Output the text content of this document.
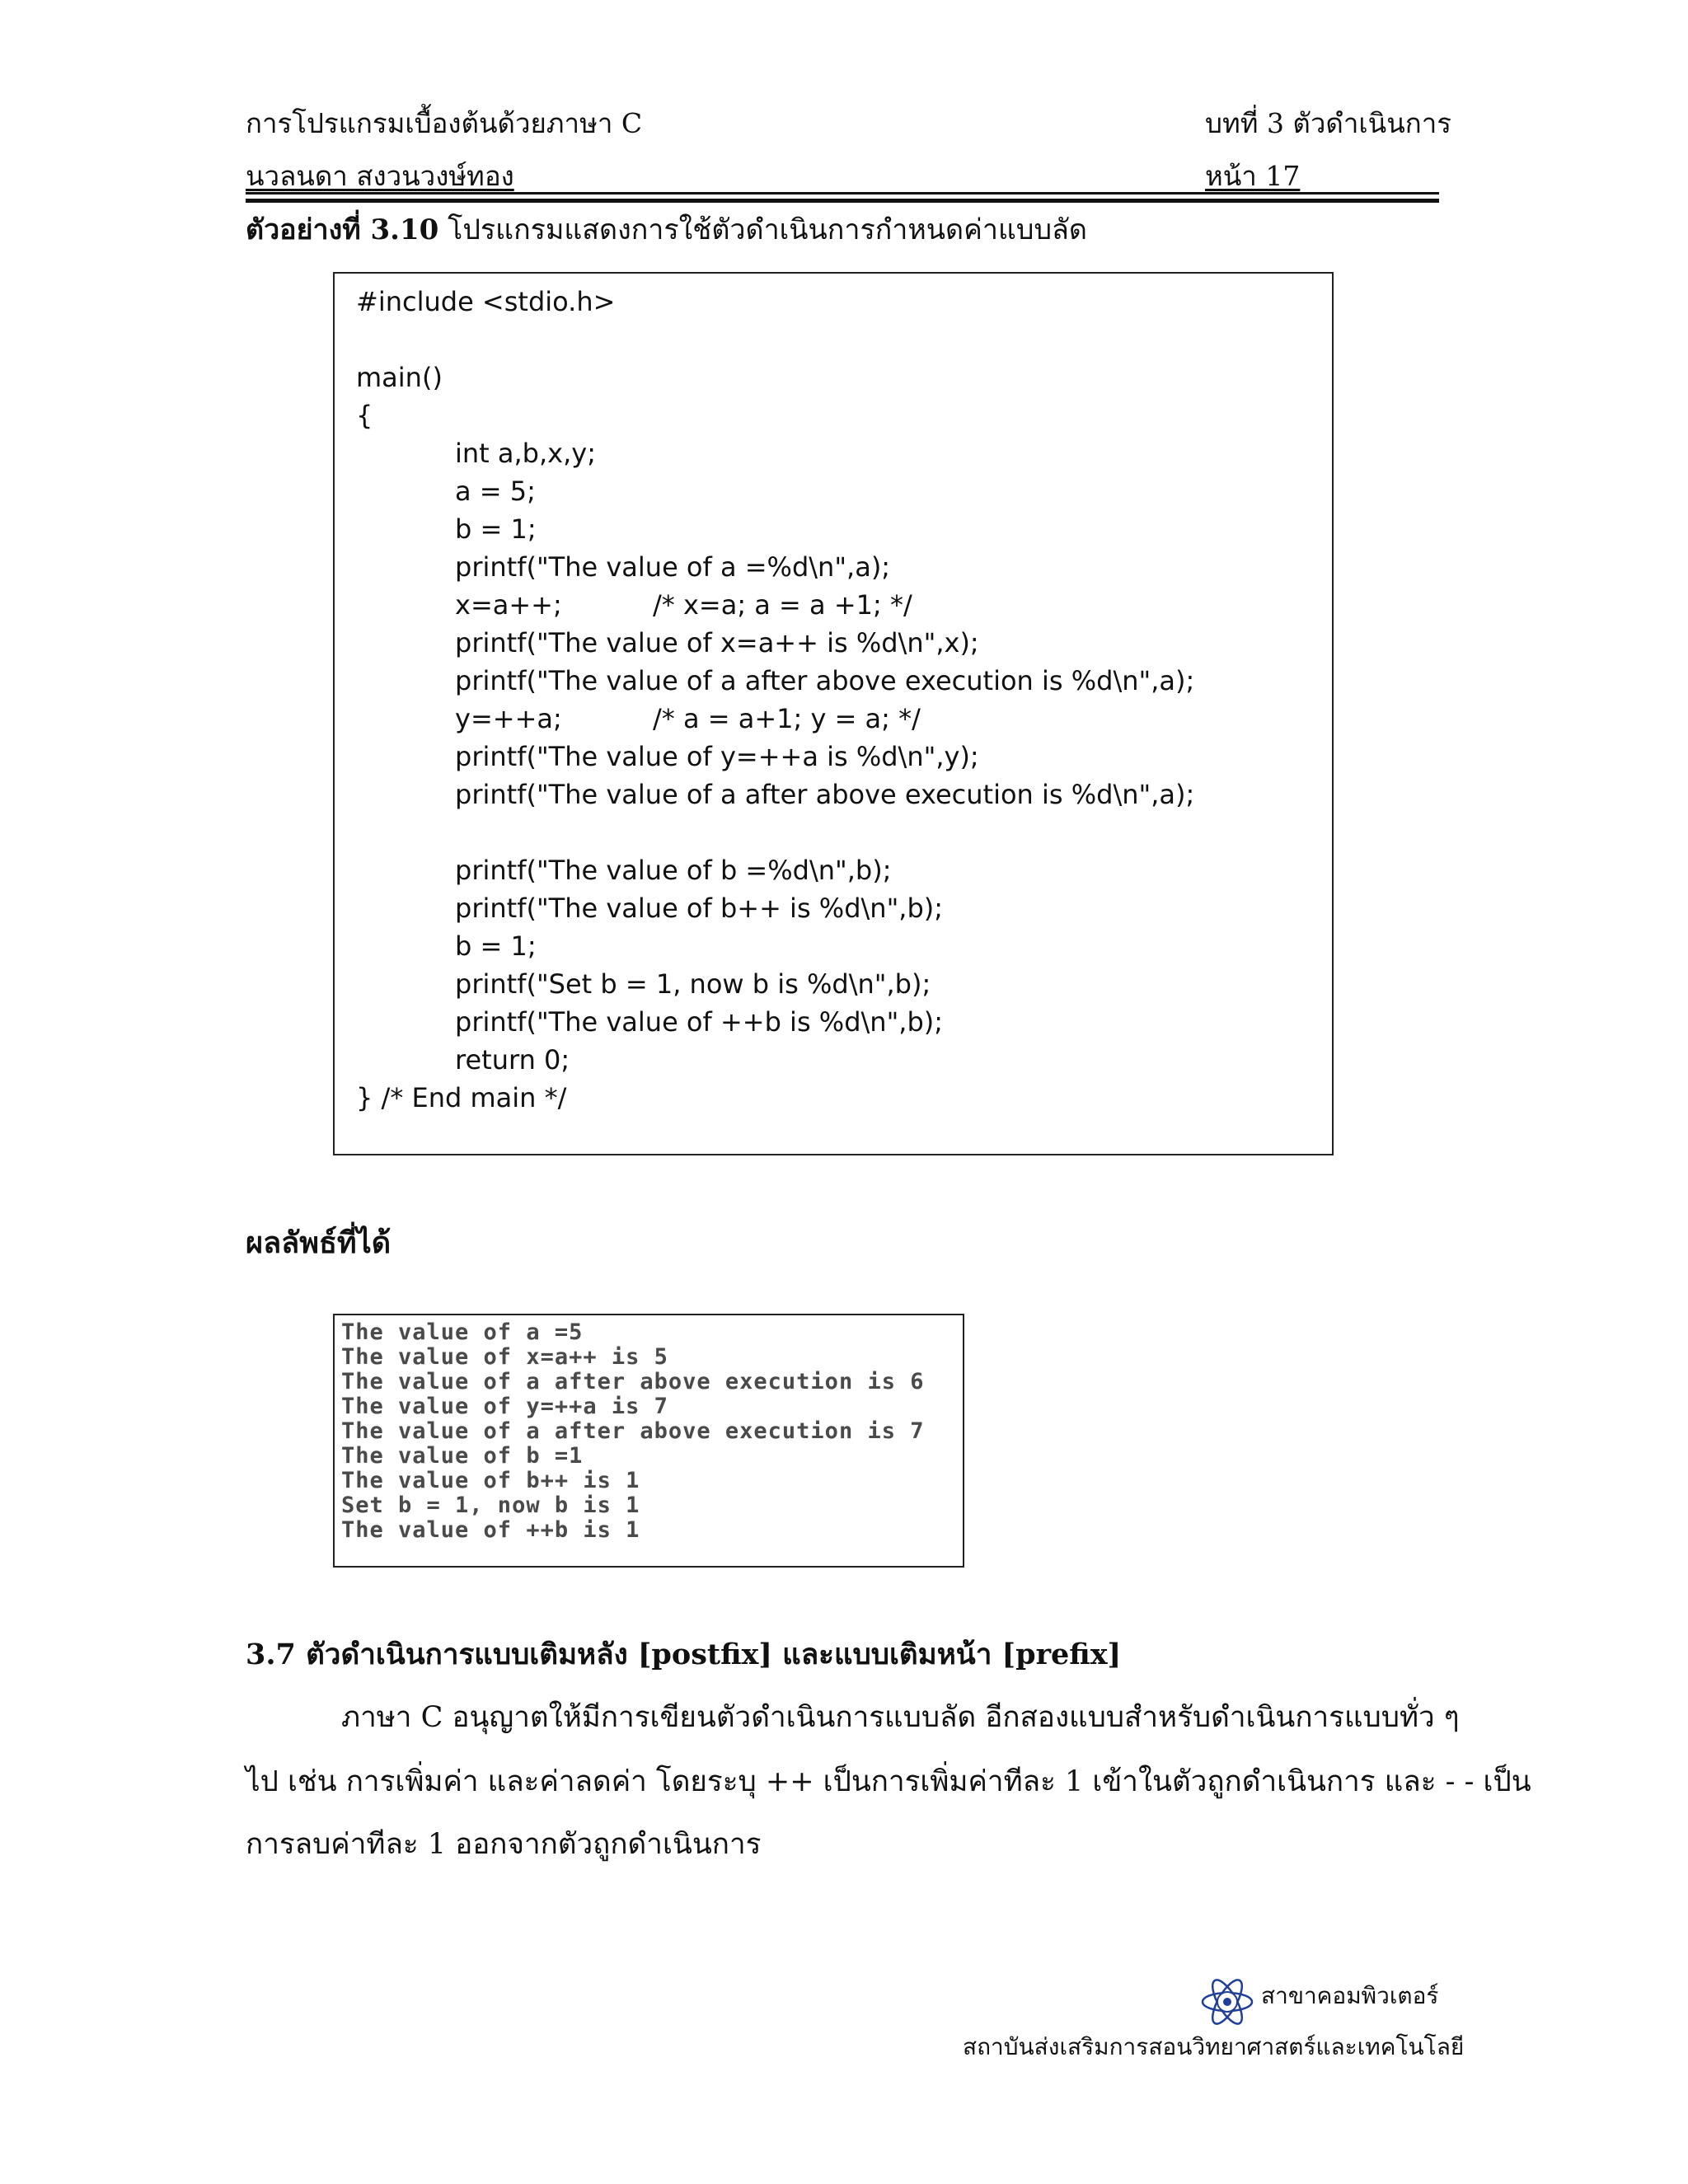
การโปรแกรมเบื้องต้นด้วยภาษา C	บทที่ 3 ตัวดำเนินการ
นวลนดา สงวนวงษ์ทอง	หน้า 17
ตัวอย่างที่ 3.10 โปรแกรมแสดงการใช้ตัวดำเนินการกำหนดค่าแบบลัด
#include <stdio.h>
main()
{
int a,b,x,y;
a = 5;
b = 1;
printf("The value of a =%d\n",a);
x=a++;	/* x=a; a = a +1; */
printf("The value of x=a++ is %d\n",x);
printf("The value of a after above execution is %d\n",a);
y=++a;	/* a = a+1; y = a; */
printf("The value of y=++a is %d\n",y);
printf("The value of a after above execution is %d\n",a);
printf("The value of b =%d\n",b);
printf("The value of b++ is %d\n",b);
b = 1;
printf("Set b = 1, now b is %d\n",b);
printf("The value of ++b is %d\n",b);
return 0;
} /* End main */
ผลลัพธ์ที่ได้
The value of a =5
The value of x=a++ is 5
The value of a after above execution is 6
The value of y=++a is 7
The value of a after above execution is 7
The value of b =1
The value of b++ is 1
Set b = 1, now b is 1
The value of ++b is 1
3.7 ตัวดำเนินการแบบเติมหลัง [postfix] และแบบเติมหน้า [prefix]
ภาษา C อนุญาตให้มีการเขียนตัวดำเนินการแบบลัด อีกสองแบบสำหรับดำเนินการแบบทั่ว ๆ
ไป เช่น การเพิ่มค่า และค่าลดค่า โดยระบุ ++ เป็นการเพิ่มค่าทีละ 1 เข้าในตัวถูกดำเนินการ และ - - เป็น
การลบค่าทีละ 1 ออกจากตัวถูกดำเนินการ
สาขาคอมพิวเตอร์
สถาบันส่งเสริมการสอนวิทยาศาสตร์และเทคโนโลยี
